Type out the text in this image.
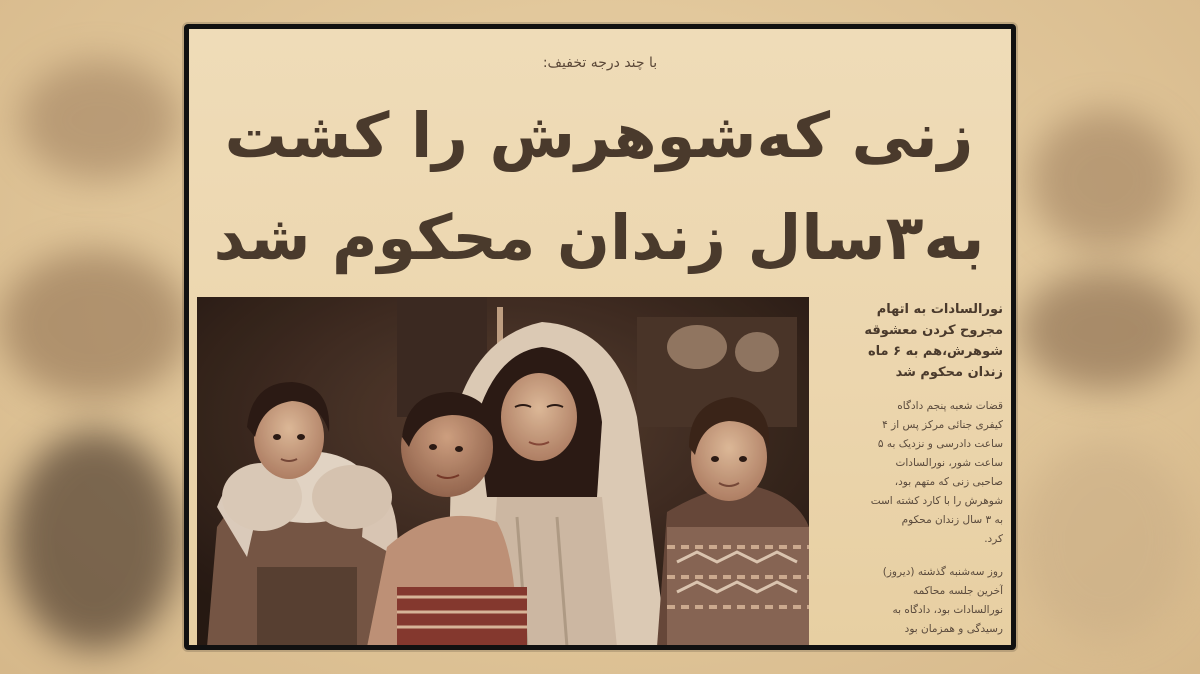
با چند درجه تخفیف:
زنی که‌شوهرش را کشت
به۳سال زندان محکوم شد
نورالسادات به اتهام
مجروح کردن معشوقه
شوهرش،هم به ۶ ماه
زندان محکوم شد
قضات شعبه پنجم دادگاه
کیفری جنائی مرکز پس از ۴
ساعت دادرسی و نزدیک به ۵
ساعت شور، نورالسادات
صاحبی زنی که متهم بود،
شوهرش را با کارد کشته است
به ۳ سال زندان محکوم
کرد.
روز سه‌شنبه گذشته (دیروز)
آخرین جلسه محاکمه
نورالسادات بود، دادگاه به
رسیدگی و همزمان بود
